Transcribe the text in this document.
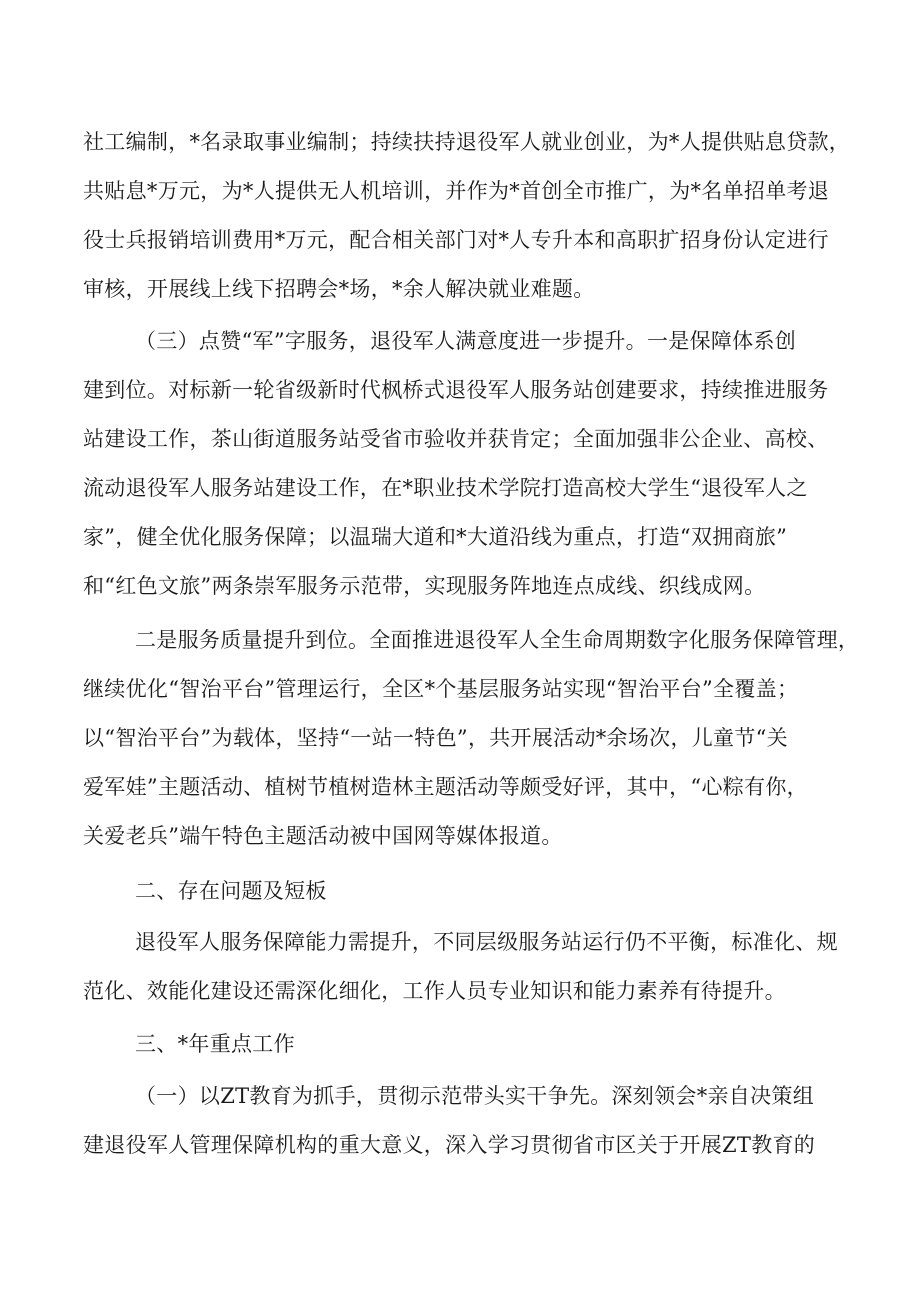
社工编制，*名录取事业编制；持续扶持退役军人就业创业，为*人提供贴息贷款，
共贴息*万元，为*人提供无人机培训，并作为*首创全市推广，为*名单招单考退
役士兵报销培训费用*万元，配合相关部门对*人专升本和高职扩招身份认定进行
审核，开展线上线下招聘会*场，*余人解决就业难题。
（三）点赞“军”字服务，退役军人满意度进一步提升。一是保障体系创
建到位。对标新一轮省级新时代枫桥式退役军人服务站创建要求，持续推进服务
站建设工作，茶山街道服务站受省市验收并获肯定；全面加强非公企业、高校、
流动退役军人服务站建设工作，在*职业技术学院打造高校大学生“退役军人之
家”，健全优化服务保障；以温瑞大道和*大道沿线为重点，打造“双拥商旅”
和“红色文旅”两条崇军服务示范带，实现服务阵地连点成线、织线成网。
二是服务质量提升到位。全面推进退役军人全生命周期数字化服务保障管理，
继续优化“智治平台”管理运行，全区*个基层服务站实现“智治平台”全覆盖；
以“智治平台”为载体，坚持“一站一特色”，共开展活动*余场次，儿童节“关
爱军娃”主题活动、植树节植树造林主题活动等颇受好评，其中，“心粽有你，
关爱老兵”端午特色主题活动被中国网等媒体报道。
二、存在问题及短板
退役军人服务保障能力需提升，不同层级服务站运行仍不平衡，标准化、规
范化、效能化建设还需深化细化，工作人员专业知识和能力素养有待提升。
三、*年重点工作
（一）以ZT教育为抓手，贯彻示范带头实干争先。深刻领会*亲自决策组
建退役军人管理保障机构的重大意义，深入学习贯彻省市区关于开展ZT教育的
